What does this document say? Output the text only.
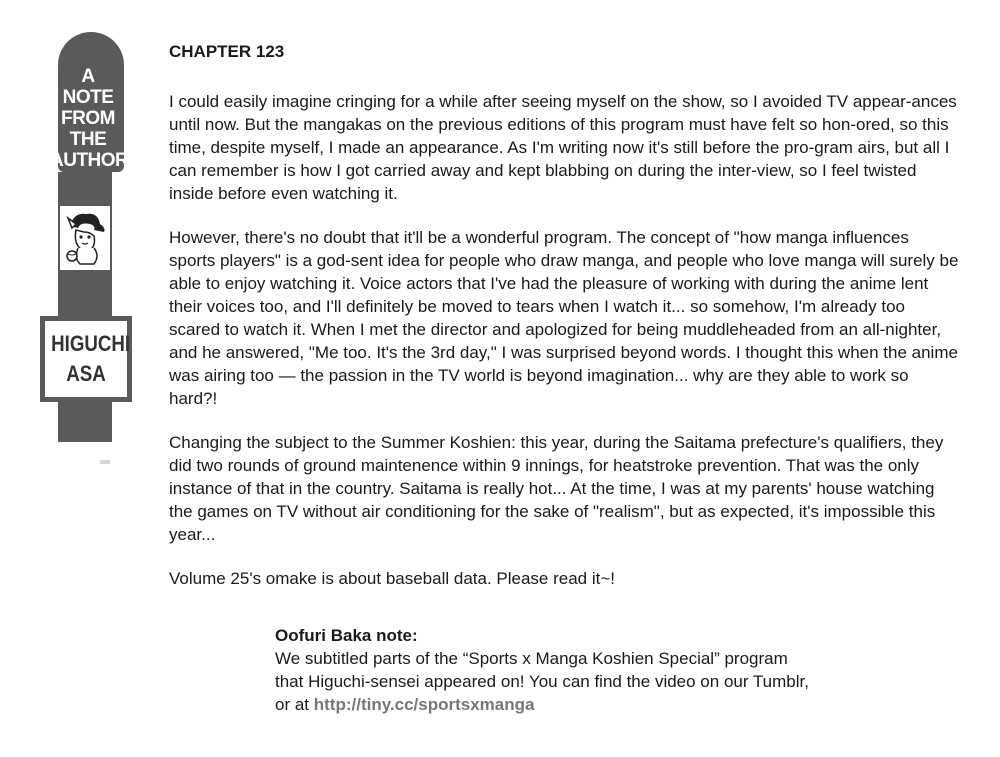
A
NOTE
FROM
THE
AUTHOR
HIGUCHI
ASA
CHAPTER 123

I could easily imagine cringing for a while after seeing myself on the show, so I avoided TV appear-ances until now. But the mangakas on the previous editions of this program must have felt so hon-ored, so this time, despite myself, I made an appearance. As I'm writing now it's still before the pro-gram airs, but all I can remember is how I got carried away and kept blabbing on during the inter-view, so I feel twisted inside before even watching it.

However, there's no doubt that it'll be a wonderful program. The concept of "how manga influences sports players" is a god-sent idea for people who draw manga, and people who love manga will surely be able to enjoy watching it. Voice actors that I've had the pleasure of working with during the anime lent their voices too, and I'll definitely be moved to tears when I watch it... so somehow, I'm already too scared to watch it. When I met the director and apologized for being muddleheaded from an all-nighter, and he answered, "Me too. It's the 3rd day," I was surprised beyond words. I thought this when the anime was airing too — the passion in the TV world is beyond imagination... why are they able to work so hard?!

Changing the subject to the Summer Koshien: this year, during the Saitama prefecture's qualifiers, they did two rounds of ground maintenence within 9 innings, for heatstroke prevention. That was the only instance of that in the country. Saitama is really hot... At the time, I was at my parents' house watching the games on TV without air conditioning for the sake of "realism", but as expected, it's impossible this year...

Volume 25's omake is about baseball data. Please read it~!

Oofuri Baka note:
We subtitled parts of the “Sports x Manga Koshien Special” program
that Higuchi-sensei appeared on! You can find the video on our Tumblr,
or at http://tiny.cc/sportsxmanga
